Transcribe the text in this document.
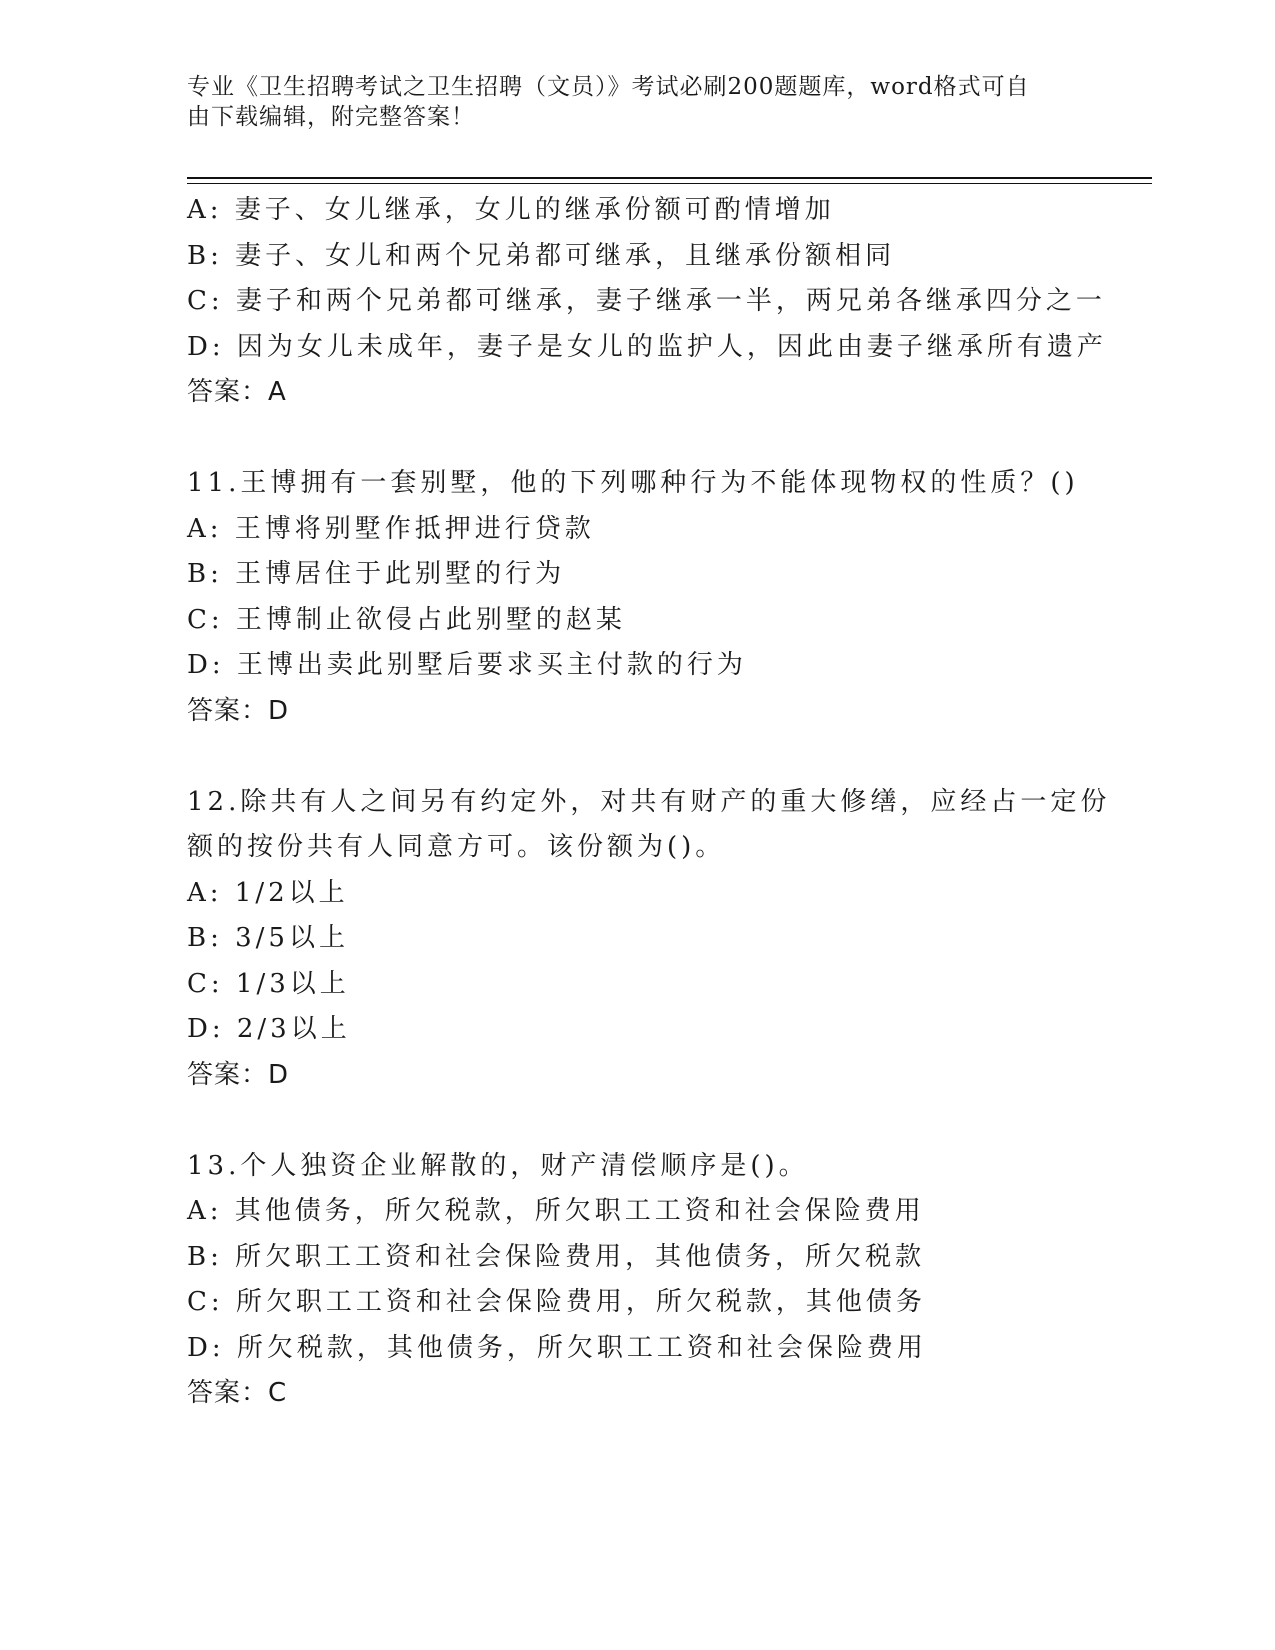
专业《卫生招聘考试之卫生招聘（文员）》考试必刷200题题库，word格式可自
由下载编辑，附完整答案！
A: 妻子、女儿继承，女儿的继承份额可酌情增加
B: 妻子、女儿和两个兄弟都可继承，且继承份额相同
C: 妻子和两个兄弟都可继承，妻子继承一半，两兄弟各继承四分之一
D: 因为女儿未成年，妻子是女儿的监护人，因此由妻子继承所有遗产
答案：A
11.王博拥有一套别墅，他的下列哪种行为不能体现物权的性质？()
A: 王博将别墅作抵押进行贷款
B: 王博居住于此别墅的行为
C: 王博制止欲侵占此别墅的赵某
D: 王博出卖此别墅后要求买主付款的行为
答案：D
12.除共有人之间另有约定外，对共有财产的重大修缮，应经占一定份
额的按份共有人同意方可。该份额为()。
A: 1/2以上
B: 3/5以上
C: 1/3以上
D: 2/3以上
答案：D
13.个人独资企业解散的，财产清偿顺序是()。
A: 其他债务，所欠税款，所欠职工工资和社会保险费用
B: 所欠职工工资和社会保险费用，其他债务，所欠税款
C: 所欠职工工资和社会保险费用，所欠税款，其他债务
D: 所欠税款，其他债务，所欠职工工资和社会保险费用
答案：C
